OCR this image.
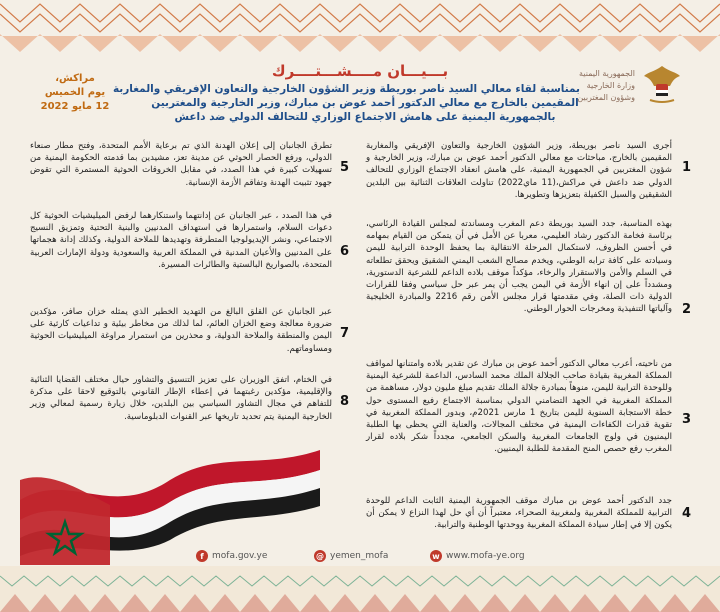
بـــيـــان مــــشـــتــــرك
بمناسبة لقاء معالي السيد ناصر بوريطة وزير الشؤون الخارجية والتعاون الإفريقي والمغاربة
المقيمين بالخارج مع معالي الدكتور أحمد عوض بن مبارك، وزير الخارجية والمغتربين
بالجمهورية اليمنية على هامش الاجتماع الوزاري للتحالف الدولي ضد داعش
مراكش،
يوم الخميس
12 مايو 2022
الجمهورية اليمنية
وزارة الخارجية
وشؤون المغتربين
1
أجرى السيد ناصر بوريطة، وزير الشؤون الخارجية والتعاون الإفريقي والمغاربة المقيمين بالخارج، مباحثات مع معالي الدكتور أحمد عوض بن مبارك، وزير الخارجية و شؤون المغتربين في الجمهورية اليمنية، على هامش انعقاد الاجتماع الوزاري للتحالف الدولي ضد داعش في مراكش،(11 ماي2022) تناولت العلاقات الثنائية بين البلدين الشقيقين والسبل الكفيلة بتعزيزها وتطويرها.
2
بهذه المناسبة، جدد السيد بوريطة دعم المغرب ومساندته لمجلس القيادة الرئاسي، برئاسة فخامة الدكتور رشاد العليمي، معربا عن الأمل في أن يتمكن من القيام بمهامه في أحسن الظروف، لاستكمال المرحلة الانتقالية بما يحفظ الوحدة الترابية لليمن وسيادته على كافة ترابه الوطني، ويخدم مصالح الشعب اليمني الشقيق ويحقق تطلعاته في السلم والأمن والاستقرار والرخاء، مؤكداً موقف بلاده الداعم للشرعية الدستورية، ومشدداً على إن انهاء الأزمة في اليمن يجب أن يمر عبر حل سياسي وفقا للقرارات الدولية ذات الصلة، وفي مقدمتها قرار مجلس الأمن رقم 2216 والمبادرة الخليجية وآلياتها التنفيذية ومخرجات الحوار الوطني.
3
من ناحيته، أعرب معالي الدكتور أحمد عوض بن مبارك عن تقدير بلاده وامتنانها لمواقف المملكة المغربية بقيادة صاحب الجلالة الملك محمد السادس، الداعمة للشرعية اليمنية وللوحدة الترابية لليمن، منوهاً بمبادرة جلالة الملك تقديم مبلغ مليون دولار، مساهمة من المملكة المغربية في الجهد التضامني الدولي بمناسبة الاجتماع رفيع المستوى حول خطة الاستجابة السنوية لليمن بتاريخ 1 مارس 2021م، وبدور المملكة المغربية في تقوية قدرات الكفاءات اليمنية في مختلف المجالات، والعناية التي يحظى بها الطلبة اليمنيون في ولوج الجامعات المغربية والسكن الجامعي، مجدداً شكر بلاده لقرار المغرب رفع حصص المنح المقدمة للطلبة اليمنيين.
4
جدد الدكتور أحمد عوض بن مبارك موقف الجمهورية اليمنية الثابت الداعم للوحدة الترابية للمملكة المغربية ولمغربية الصحراء، معتبراً أن أي حل لهذا النزاع لا يمكن أن يكون إلا في إطار سيادة المملكة المغربية ووحدتها الوطنية والترابية.
5
تطرق الجانبان إلى إعلان الهدنة الذي تم برعاية الأمم المتحدة، وفتح مطار صنعاء الدولي، ورفع الحصار الحوثي عن مدينة تعز، مشيدين بما قدمته الحكومة اليمنية من تسهيلات كبيرة في هذا الصدد، في مقابل الخروقات الحوثية المستمرة التي تقوض جهود تثبيت الهدنة وتفاقم الأزمة الإنسانية.
6
في هذا الصدد ، عبر الجانبان عن إدانتهما واستنكارهما لرفض الميليشيات الحوثية كل دعوات السلام، واستمرارها في استهداف المدنيين والبنية التحتية وتمزيق النسيج الاجتماعي، ونشر الإيديولوجيا المتطرفة وتهديدها للملاحة الدولية، وكذلك إدانة هجماتها على المدنيين والأعيان المدنية في المملكة العربية والسعودية ودولة الإمارات العربية المتحدة، بالصواريخ البالستية والطائرات المسيرة.
7
عبر الجانبان عن القلق البالغ من التهديد الخطير الذي يمثله خزان صافر، مؤكدين ضرورة معالجة وضع الخزان العائم، لما لذلك من مخاطر بيئية و تداعيات كارثية على اليمن والمنطقة والملاحة الدولية، و محذرين من استمرار مراوغة الميليشيات الحوثية ومساوماتهم.
8
في الختام، اتفق الوزيران على تعزيز التنسيق والتشاور حيال مختلف القضايا الثنائية والإقليمية، مؤكدين رغبتهما في إعطاء الإطار القانوني بالتوقيع لاحقا على مذكرة للتفاهم في مجال التشاور السياسي بين البلدين، خلال زيارة رسمية لمعالي وزير الخارجية اليمنية يتم تحديد تاريخها عبر القنوات الدبلوماسية.
f mofa.gov.ye	@ yemen_mofa	w www.mofa-ye.org
